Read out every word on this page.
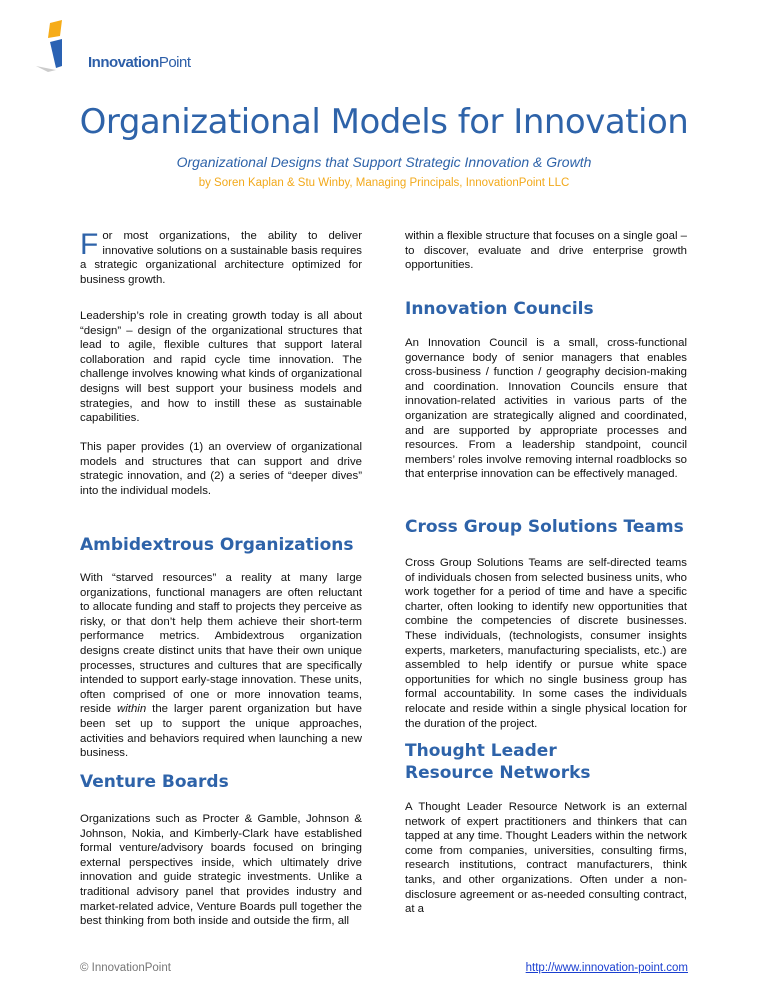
InnovationPoint
Organizational Models for Innovation
Organizational Designs that Support Strategic Innovation & Growth
by Soren Kaplan & Stu Winby, Managing Principals, InnovationPoint LLC

For most organizations, the ability to deliver innovative solutions on a sustainable basis requires a strategic organizational architecture optimized for business growth.

Leadership’s role in creating growth today is all about “design” – design of the organizational structures that lead to agile, flexible cultures that support lateral collaboration and rapid cycle time innovation. The challenge involves knowing what kinds of organizational designs will best support your business models and strategies, and how to instill these as sustainable capabilities.

This paper provides (1) an overview of organizational models and structures that can support and drive strategic innovation, and (2) a series of “deeper dives” into the individual models.

Ambidextrous Organizations

With “starved resources” a reality at many large organizations, functional managers are often reluctant to allocate funding and staff to projects they perceive as risky, or that don’t help them achieve their short-term performance metrics. Ambidextrous organization designs create distinct units that have their own unique processes, structures and cultures that are specifically intended to support early-stage innovation. These units, often comprised of one or more innovation teams, reside within the larger parent organization but have been set up to support the unique approaches, activities and behaviors required when launching a new business.

Venture Boards

Organizations such as Procter & Gamble, Johnson & Johnson, Nokia, and Kimberly-Clark have established formal venture/advisory boards focused on bringing external perspectives inside, which ultimately drive innovation and guide strategic investments. Unlike a traditional advisory panel that provides industry and market-related advice, Venture Boards pull together the best thinking from both inside and outside the firm, all

within a flexible structure that focuses on a single goal – to discover, evaluate and drive enterprise growth opportunities.

Innovation Councils

An Innovation Council is a small, cross-functional governance body of senior managers that enables cross-business / function / geography decision-making and coordination. Innovation Councils ensure that innovation-related activities in various parts of the organization are strategically aligned and coordinated, and are supported by appropriate processes and resources. From a leadership standpoint, council members’ roles involve removing internal roadblocks so that enterprise innovation can be effectively managed.

Cross Group Solutions Teams

Cross Group Solutions Teams are self-directed teams of individuals chosen from selected business units, who work together for a period of time and have a specific charter, often looking to identify new opportunities that combine the competencies of discrete businesses. These individuals, (technologists, consumer insights experts, marketers, manufacturing specialists, etc.) are assembled to help identify or pursue white space opportunities for which no single business group has formal accountability. In some cases the individuals relocate and reside within a single physical location for the duration of the project.

Thought Leader Resource Networks

A Thought Leader Resource Network is an external network of expert practitioners and thinkers that can tapped at any time. Thought Leaders within the network come from companies, universities, consulting firms, research institutions, contract manufacturers, think tanks, and other organizations. Often under a non-disclosure agreement or as-needed consulting contract, at a

© InnovationPoint	http://www.innovation-point.com
